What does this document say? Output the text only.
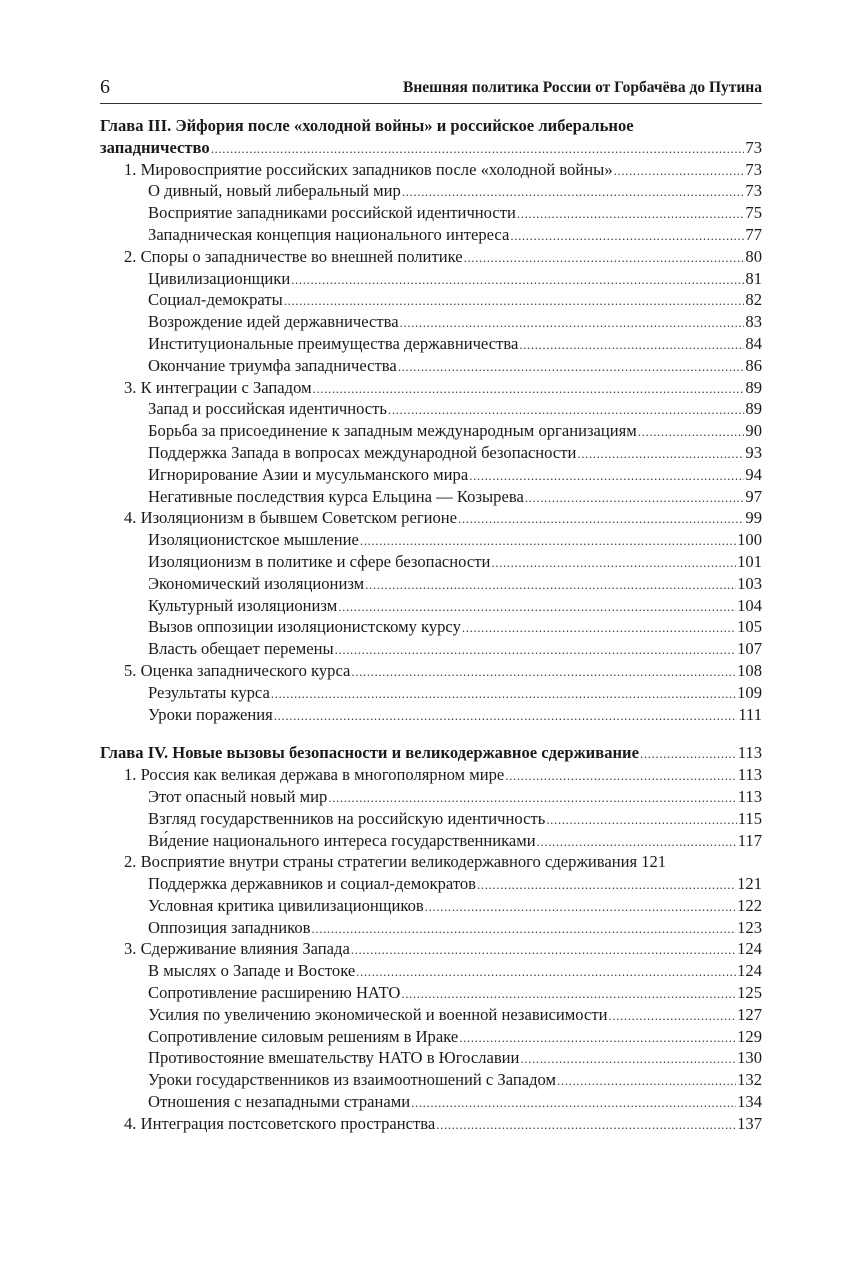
6	Внешняя политика России от Горбачёва до Путина
Глава III. Эйфория после «холодной войны» и российское либеральное
западничество .....	73
1. Мировосприятие российских западников после «холодной войны» .....	73
О дивный, новый либеральный мир .....	73
Восприятие западниками российской идентичности .....	75
Западническая концепция национального интереса .....	77
2. Споры о западничестве во внешней политике .....	80
Цивилизационщики .....	81
Социал-демократы .....	82
Возрождение идей державничества .....	83
Институциональные преимущества державничества .....	84
Окончание триумфа западничества .....	86
3. К интеграции с Западом .....	89
Запад и российская идентичность .....	89
Борьба за присоединение к западным международным организациям .....	90
Поддержка Запада в вопросах международной безопасности .....	93
Игнорирование Азии и мусульманского мира .....	94
Негативные последствия курса Ельцина — Козырева .....	97
4. Изоляционизм в бывшем Советском регионе .....	99
Изоляционистское мышление .....	100
Изоляционизм в политике и сфере безопасности .....	101
Экономический изоляционизм .....	103
Культурный изоляционизм .....	104
Вызов оппозиции изоляционистскому курсу .....	105
Власть обещает перемены .....	107
5. Оценка западнического курса .....	108
Результаты курса .....	109
Уроки поражения .....	111
Глава IV. Новые вызовы безопасности и великодержавное сдерживание .....	113
1. Россия как великая держава в многополярном мире .....	113
Этот опасный новый мир .....	113
Взгляд государственников на российскую идентичность .....	115
Ви́дение национального интереса государственниками .....	117
2. Восприятие внутри страны стратегии великодержавного сдерживания 121
Поддержка державников и социал-демократов .....	121
Условная критика цивилизационщиков .....	122
Оппозиция западников .....	123
3. Сдерживание влияния Запада .....	124
В мыслях о Западе и Востоке .....	124
Сопротивление расширению НАТО .....	125
Усилия по увеличению экономической и военной независимости .....	127
Сопротивление силовым решениям в Ираке .....	129
Противостояние вмешательству НАТО в Югославии .....	130
Уроки государственников из взаимоотношений с Западом .....	132
Отношения с незападными странами .....	134
4. Интеграция постсоветского пространства .....	137
